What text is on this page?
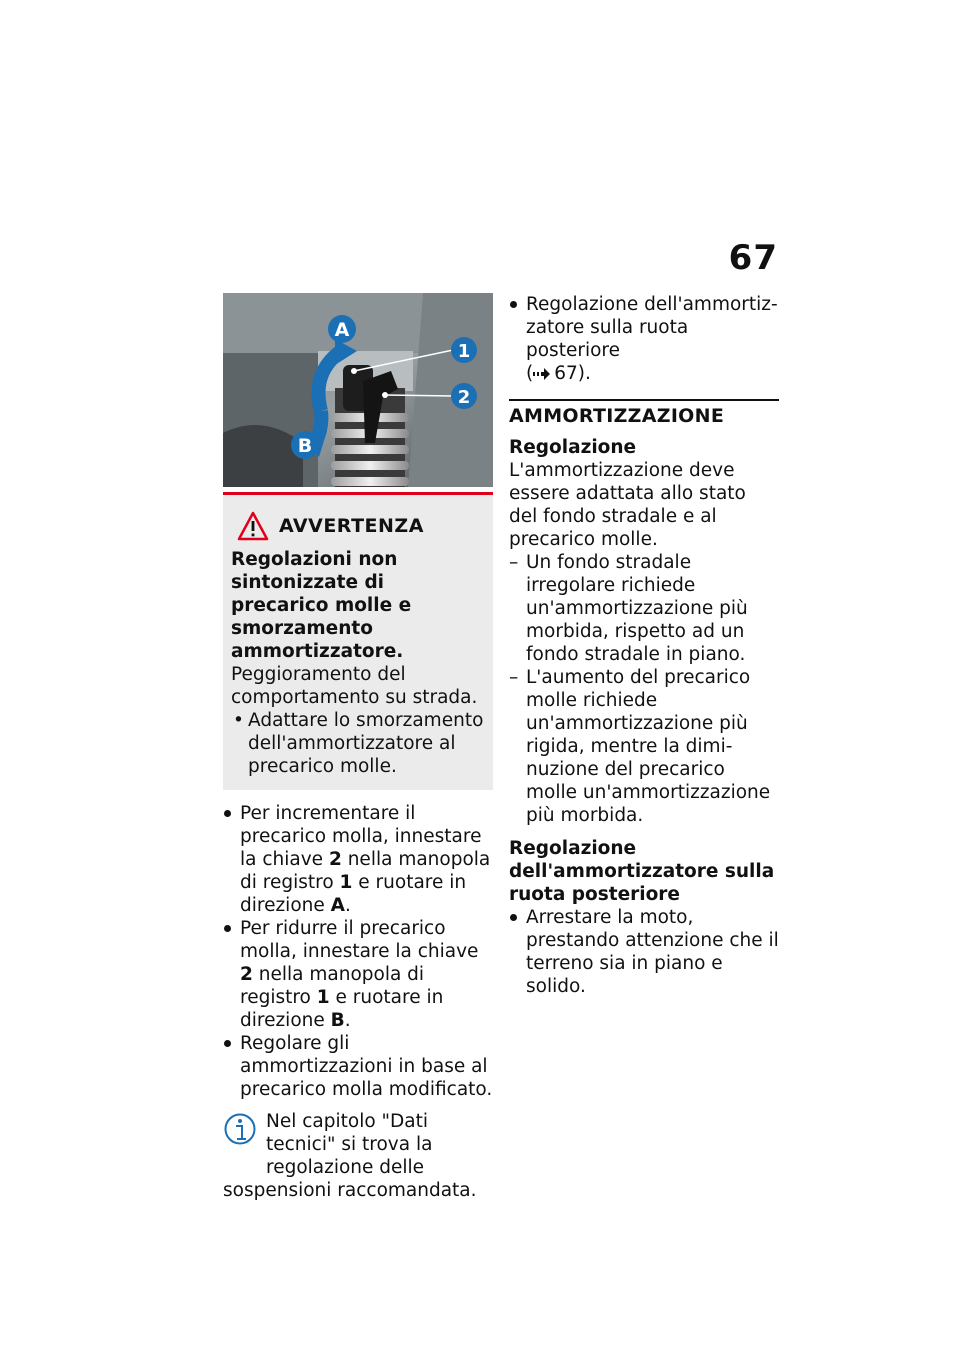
67
A
1
2
B
AVVERTENZA

Regolazioni non sintonizzate di precarico molle e smorzamento ammortizzatore.

Peggioramento del comportamento su strada.

• Adattare lo smorzamento dell'ammortizzatore al precarico molle.
Per incrementare il precarico molla, innestare la chiave 2 nella manopola di registro 1 e ruotare in direzione A.
Per ridurre il precarico molla, innestare la chiave 2 nella manopola di registro 1 e ruotare in direzione B.
Regolare gli ammortizzazioni in base al precarico molla modificato.

Nel capitolo "Dati tecnici" si trova la regolazione delle sospensioni raccomandata.

Regolazione dell'ammortizzatore sulla ruota posteriore
( 67).
AMMORTIZZAZIONE

Regolazione

L'ammortizzazione deve essere adattata allo stato del fondo stradale e al precarico molle.

– Un fondo stradale irregolare richiede un'ammortizzazione più morbida, rispetto ad un fondo stradale in piano.
– L'aumento del precarico molle richiede un'ammortizzazione più rigida, mentre la diminuzione del precarico molle un'ammortizzazione più morbida.

Regolazione dell'ammortizzatore sulla ruota posteriore

Arrestare la moto, prestando attenzione che il terreno sia in piano e solido.
